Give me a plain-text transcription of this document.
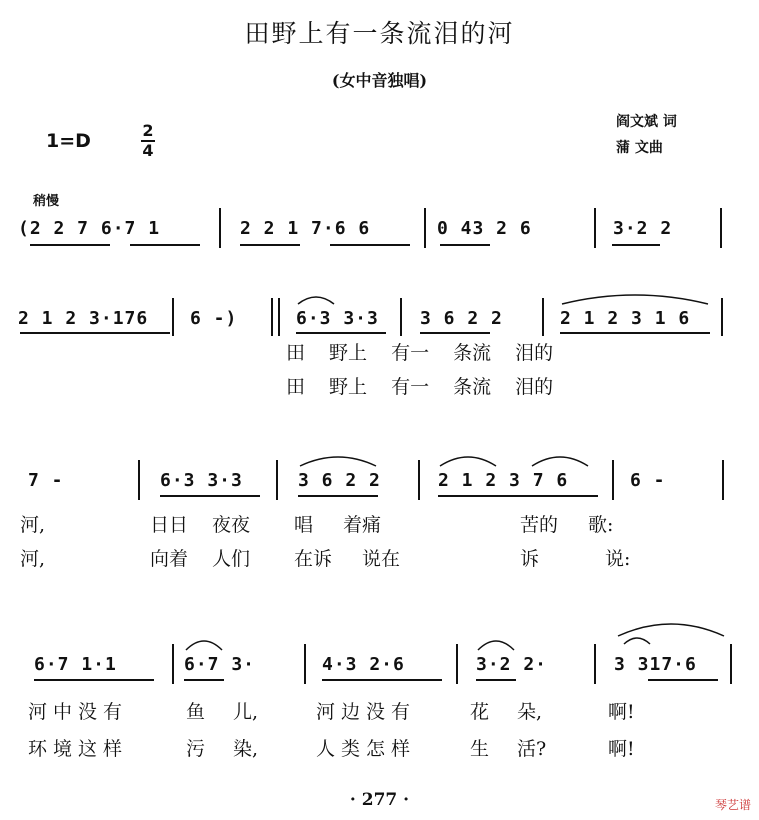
田野上有一条流泪的河
(女中音独唱)
阎文斌 词
蒲 文曲
1=D	2
4
稍慢
(2 2 7 6·7 1	2 2 1 7·6 6	0 43 2 6	3·2 2
2 1 2 3·176 6 -)	6·3 3·3 3 6 2 2	2 1 2 3 1 6
田 野上 有一 条流 泪的
田 野上 有一 条流 泪的
7 -	6·3 3·3	3 6 2 2	2 1 2 3 7 6	6 -
河,	日日 夜夜 唱 着痛	苦的 歌:
河,	向着 人们 在诉 说在	诉 说:
6·7 1·1	6·7 3·	4·3 2·6	3·2 2·	3 317·6
河中没有	鱼 儿,	河边没有	花 朵,	啊!
环境这样	污 染,	人类怎样	生 活?	啊!
· 277 ·	琴艺谱
